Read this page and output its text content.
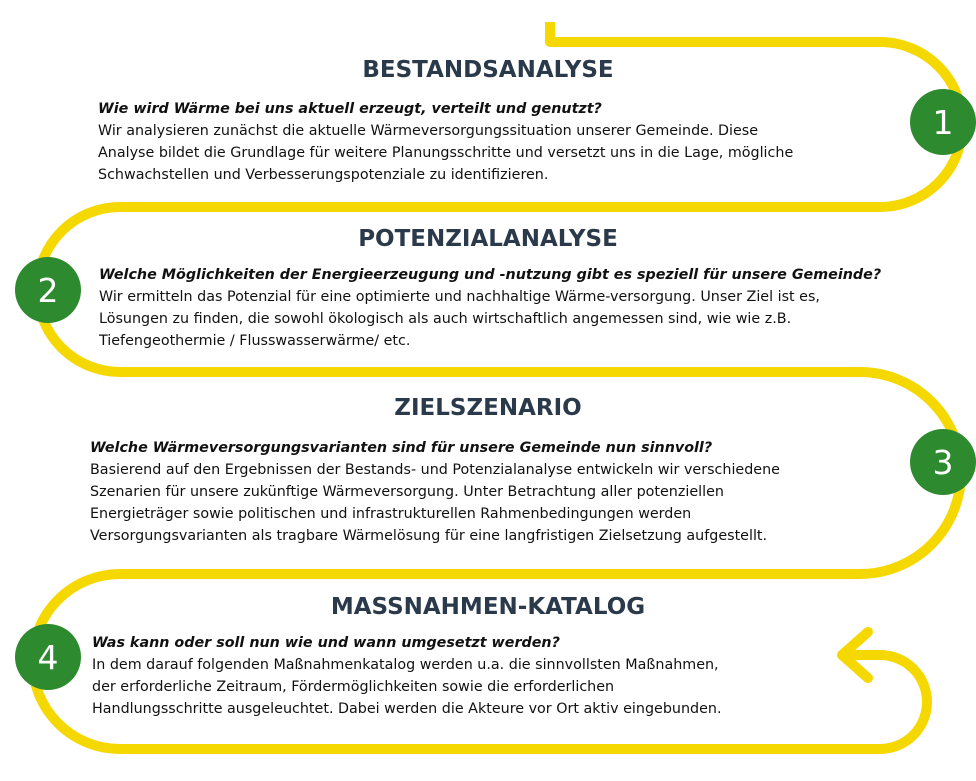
BESTANDSANALYSE
Wie wird Wärme bei uns aktuell erzeugt, verteilt und genutzt?
Wir analysieren zunächst die aktuelle Wärmeversorgungssituation unserer Gemeinde. Diese
Analyse bildet die Grundlage für weitere Planungsschritte und versetzt uns in die Lage, mögliche
Schwachstellen und Verbesserungspotenziale zu identifizieren.
1
POTENZIALANALYSE
Welche Möglichkeiten der Energieerzeugung und -nutzung gibt es speziell für unsere Gemeinde?
Wir ermitteln das Potenzial für eine optimierte und nachhaltige Wärme-versorgung. Unser Ziel ist es,
Lösungen zu finden, die sowohl ökologisch als auch wirtschaftlich angemessen sind, wie wie z.B.
Tiefengeothermie / Flusswasserwärme/ etc.
2
ZIELSZENARIO
Welche Wärmeversorgungsvarianten sind für unsere Gemeinde nun sinnvoll?
Basierend auf den Ergebnissen der Bestands- und Potenzialanalyse entwickeln wir verschiedene
Szenarien für unsere zukünftige Wärmeversorgung. Unter Betrachtung aller potenziellen
Energieträger sowie politischen und infrastrukturellen Rahmenbedingungen werden
Versorgungsvarianten als tragbare Wärmelösung für eine langfristigen Zielsetzung aufgestellt.
3
MASSNAHMEN-KATALOG
Was kann oder soll nun wie und wann umgesetzt werden?
In dem darauf folgenden Maßnahmenkatalog werden u.a. die sinnvollsten Maßnahmen,
der erforderliche Zeitraum, Fördermöglichkeiten sowie die erforderlichen
Handlungsschritte ausgeleuchtet. Dabei werden die Akteure vor Ort aktiv eingebunden.
4
